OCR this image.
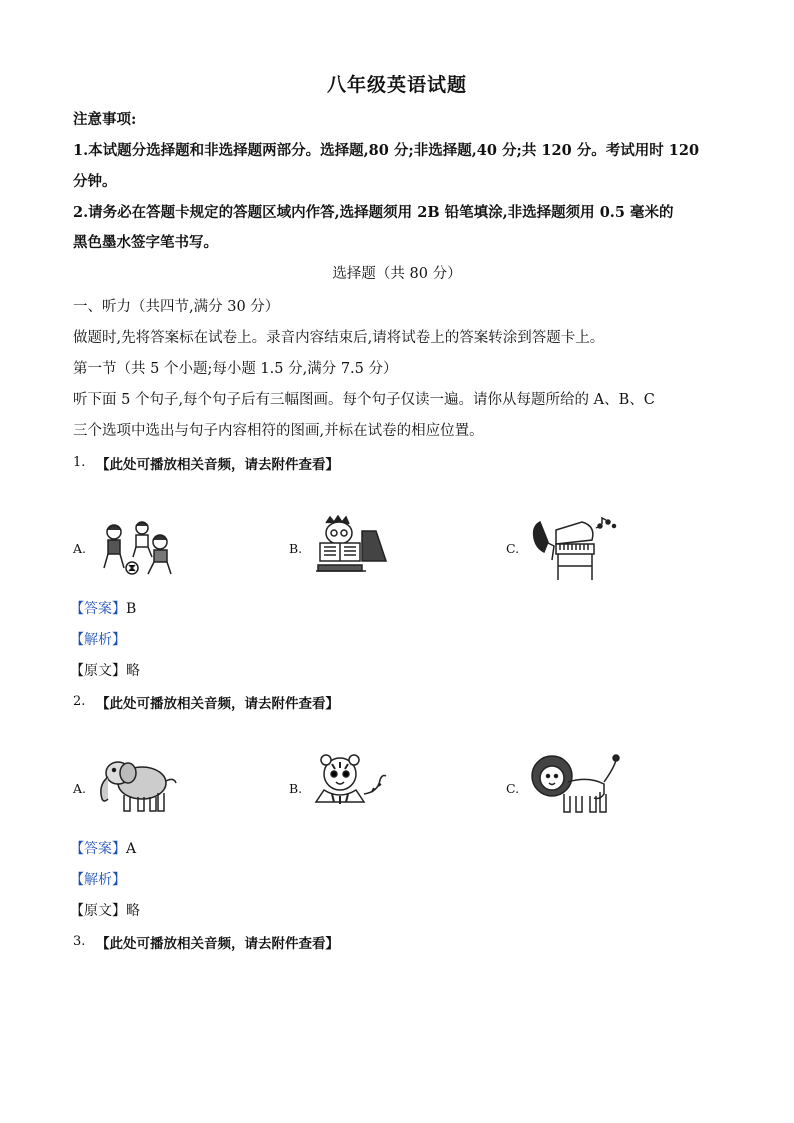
八年级英语试题
注意事项:
1.本试题分选择题和非选择题两部分。选择题,80 分;非选择题,40 分;共 120 分。考试用时 120
分钟。
2.请务必在答题卡规定的答题区域内作答,选择题须用 2B 铅笔填涂,非选择题须用 0.5 毫米的
黑色墨水签字笔书写。
选择题（共 80 分）
一、听力（共四节,满分 30 分）
做题时,先将答案标在试卷上。录音内容结束后,请将试卷上的答案转涂到答题卡上。
第一节（共 5 个小题;每小题 1.5 分,满分 7.5 分）
听下面 5 个句子,每个句子后有三幅图画。每个句子仅读一遍。请你从每题所给的 A、B、C
三个选项中选出与句子内容相符的图画,并标在试卷的相应位置。
1. 【此处可播放相关音频，请去附件查看】
A.	B.	C.
【答案】B
【解析】
【原文】略
2. 【此处可播放相关音频，请去附件查看】
A.	B.	C.
【答案】A
【解析】
【原文】略
3. 【此处可播放相关音频，请去附件查看】
